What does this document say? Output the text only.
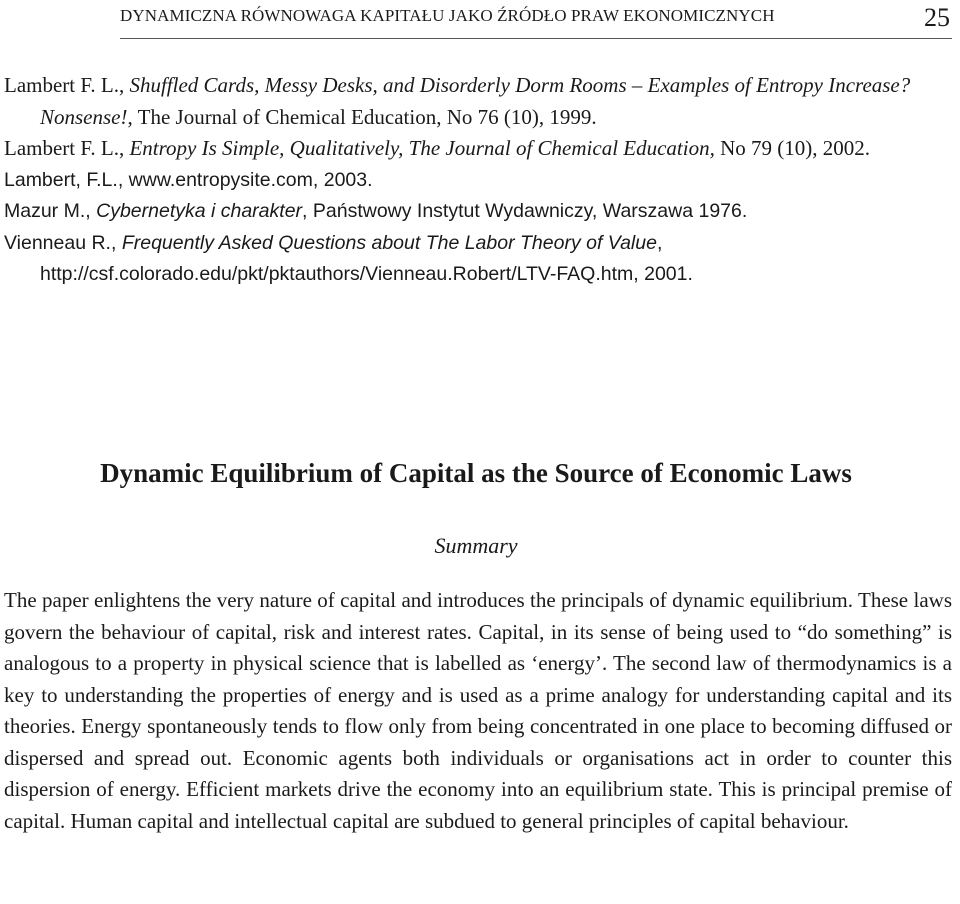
DYNAMICZNA RÓWNOWAGA KAPITAŁU JAKO ŹRÓDŁO PRAW EKONOMICZNYCH	25

Lambert F. L., Shuffled Cards, Messy Desks, and Disorderly Dorm Rooms – Examples of Entropy Increase? Nonsense!, The Journal of Chemical Education, No 76 (10), 1999.

Lambert F. L., Entropy Is Simple, Qualitatively, The Journal of Chemical Education, No 79 (10), 2002.

Lambert, F.L., www.entropysite.com, 2003.

Mazur M., Cybernetyka i charakter, Państwowy Instytut Wydawniczy, Warszawa 1976.

Vienneau R., Frequently Asked Questions about The Labor Theory of Value, http://csf.colorado.edu/pkt/pktauthors/Vienneau.Robert/LTV-FAQ.htm, 2001.

Dynamic Equilibrium of Capital as the Source of Economic Laws
Summary

The paper enlightens the very nature of capital and introduces the principals of dynamic equilibrium. These laws govern the behaviour of capital, risk and interest rates. Capital, in its sense of being used to “do something” is analogous to a property in physical science that is labelled as ‘energy’. The second law of thermodynamics is a key to understanding the properties of energy and is used as a prime analogy for understanding capital and its theories. Energy spontaneously tends to flow only from being concentrated in one place to becoming diffused or dispersed and spread out. Economic agents both individuals or organisations act in order to counter this dispersion of energy. Efficient markets drive the economy into an equilibrium state. This is principal premise of capital. Human capital and intellectual capital are subdued to general principles of capital behaviour.
